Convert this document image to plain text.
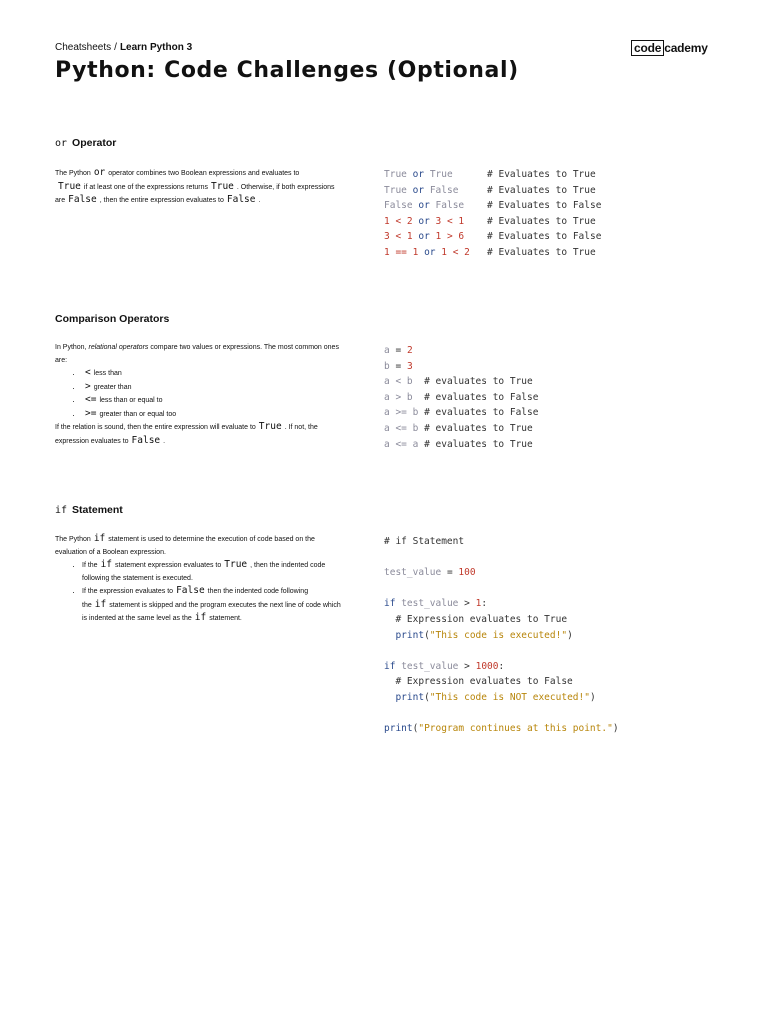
Cheatsheets / Learn Python 3	code cademy
Python: Code Challenges (Optional)
or Operator
The Python or operator combines two Boolean expressions and evaluates to
True if at least one of the expressions returns True . Otherwise, if both expressions are False , then the entire expression evaluates to False .
True or True	# Evaluates to True
True or False	# Evaluates to True
False or False # Evaluates to False
1 < 2 or 3 < 1 # Evaluates to True
3 < 1 or 1 > 6 # Evaluates to False
1 == 1 or 1 < 2 # Evaluates to True
Comparison Operators

In Python, relational operators compare two values or expressions. The most common ones are:

• < less than
• > greater than
• <= less than or equal to
• >= greater than or equal too

If the relation is sound, then the entire expression will evaluate to True . If not, the expression evaluates to False .

a = 2
b = 3
a < b # evaluates to True
a > b # evaluates to False
a >= b # evaluates to False
a <= b # evaluates to True
a <= a # evaluates to True
if Statement

The Python if statement is used to determine the execution of code based on the evaluation of a Boolean expression.

• If the if statement expression evaluates to True , then the indented code following the statement is executed.
• If the expression evaluates to False then the indented code following the if statement is skipped and the program executes the next line of code which is indented at the same level as the if statement.
# if Statement

test_value = 100

if test_value > 1:
# Expression evaluates to True
print("This code is executed!")

if test_value > 1000:
# Expression evaluates to False
print("This code is NOT executed!")

print("Program continues at this point.")
